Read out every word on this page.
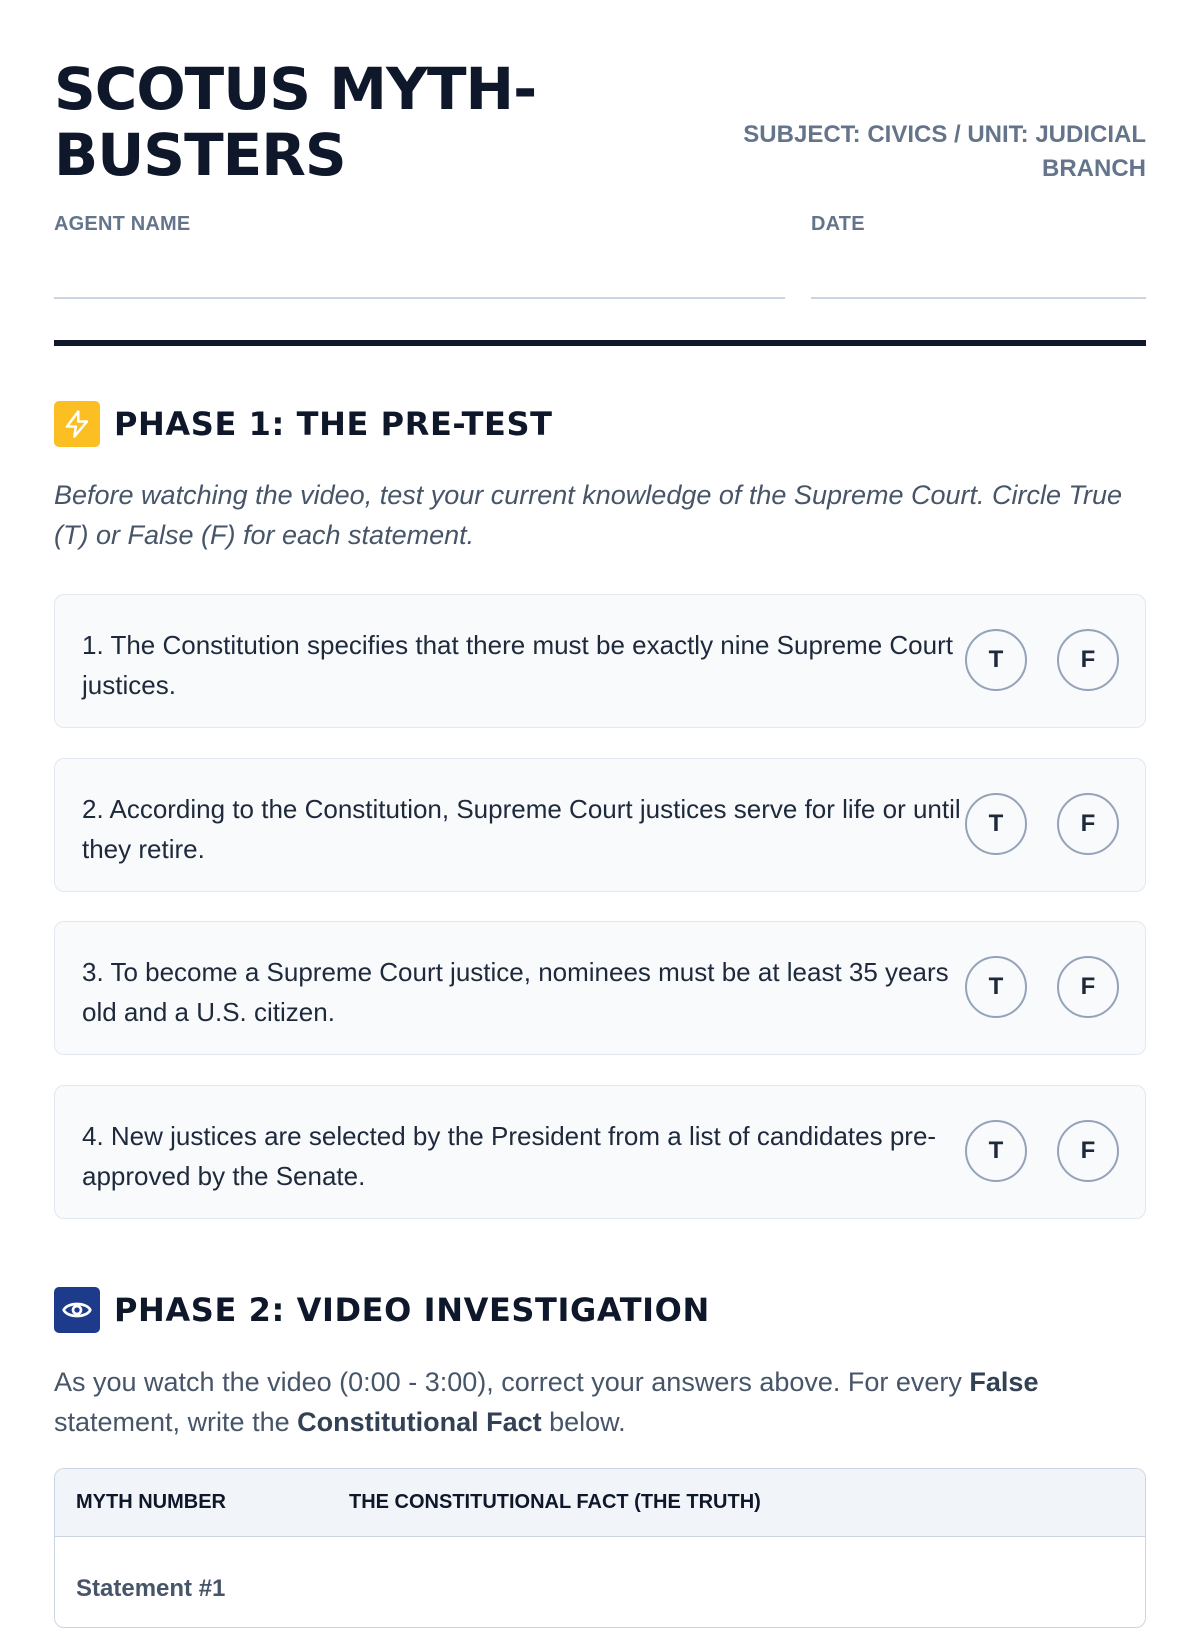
SCOTUS MYTH-BUSTERS	SUBJECT: CIVICS / UNIT: JUDICIAL BRANCH
AGENT NAME	DATE
PHASE 1: THE PRE-TEST
Before watching the video, test your current knowledge of the Supreme Court. Circle True (T) or False (F) for each statement.
1. The Constitution specifies that there must be exactly nine Supreme Court justices.
T	F
2. According to the Constitution, Supreme Court justices serve for life or until they retire.
T	F
3. To become a Supreme Court justice, nominees must be at least 35 years old and a U.S. citizen.
T	F
4. New justices are selected by the President from a list of candidates pre-approved by the Senate.
T	F
PHASE 2: VIDEO INVESTIGATION
As you watch the video (0:00 - 3:00), correct your answers above. For every False statement, write the Constitutional Fact below.
MYTH NUMBER	THE CONSTITUTIONAL FACT (THE TRUTH)
Statement #1
